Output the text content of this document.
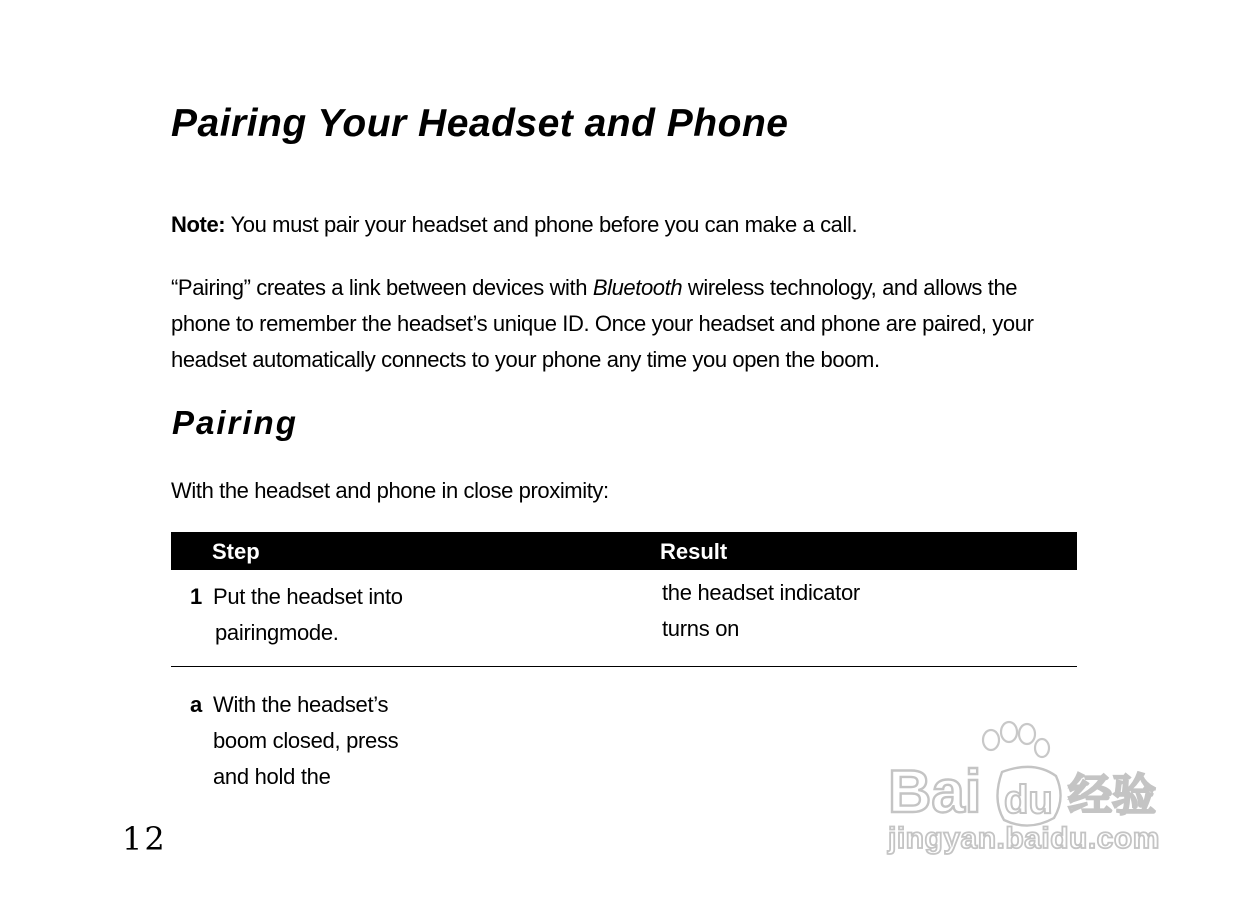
Pairing Your Headset and Phone
Note: You must pair your headset and phone before you can make a call.
“Pairing” creates a link between devices with Bluetooth wireless technology, and allows the
phone to remember the headset’s unique ID. Once your headset and phone are paired, your
headset automatically connects to your phone any time you open the boom.
Pairing
With the headset and phone in close proximity:
Step	Result
1 Put the headset into
pairingmode.
the headset indicator
turns on
a With the headset’s
boom closed, press
and hold the
12
Bai du 经验
jingyan.baidu.com
